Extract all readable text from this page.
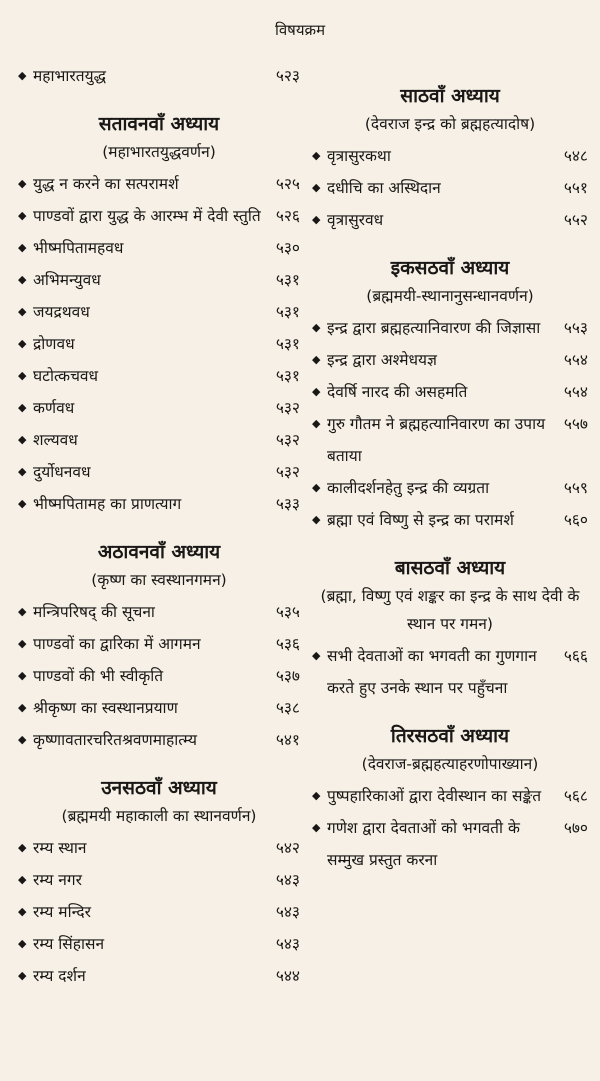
विषयक्रम
◆ महाभारतयुद्ध	५२३
सतावनवाँ अध्याय
(महाभारतयुद्धवर्णन)
◆ युद्ध न करने का सत्परामर्श	५२५
◆ पाण्डवों द्वारा युद्ध के आरम्भ में देवी स्तुति ५२६
◆ भीष्मपितामहवध	५३०
◆ अभिमन्युवध	५३१
◆ जयद्रथवध	५३१
◆ द्रोणवध	५३१
◆ घटोत्कचवध	५३१
◆ कर्णवध	५३२
◆ शल्यवध	५३२
◆ दुर्योधनवध	५३२
◆ भीष्मपितामह का प्राणत्याग	५३३
अठावनवाँ अध्याय
(कृष्ण का स्वस्थानगमन)
◆ मन्त्रिपरिषद् की सूचना	५३५
◆ पाण्डवों का द्वारिका में आगमन	५३६
◆ पाण्डवों की भी स्वीकृति	५३७
◆ श्रीकृष्ण का स्वस्थानप्रयाण	५३८
◆ कृष्णावतारचरितश्रवणमाहात्म्य	५४१
उनसठवाँ अध्याय
(ब्रह्ममयी महाकाली का स्थानवर्णन)
◆ रम्य स्थान	५४२
◆ रम्य नगर	५४३
◆ रम्य मन्दिर	५४३
◆ रम्य सिंहासन	५४३
◆ रम्य दर्शन	५४४
साठवाँ अध्याय
(देवराज इन्द्र को ब्रह्महत्यादोष)
◆ वृत्रासुरकथा	५४८
◆ दधीचि का अस्थिदान	५५१
◆ वृत्रासुरवध	५५२
इकसठवाँ अध्याय
(ब्रह्ममयी-स्थानानुसन्धानवर्णन)
◆ इन्द्र द्वारा ब्रह्महत्यानिवारण की जिज्ञासा	५५३
◆ इन्द्र द्वारा अश्मेधयज्ञ	५५४
◆ देवर्षि नारद की असहमति	५५४
◆ गुरु गौतम ने ब्रह्महत्यानिवारण का उपाय बताया
५५७
◆ कालीदर्शनहेतु इन्द्र की व्यग्रता	५५९
◆ ब्रह्मा एवं विष्णु से इन्द्र का परामर्श	५६०
बासठवाँ अध्याय
(ब्रह्मा, विष्णु एवं शङ्कर का इन्द्र के साथ देवी के स्थान पर गमन)
◆ सभी देवताओं का भगवती का गुणगान करते हुए उनके स्थान पर पहुँचना
५६६
तिरसठवाँ अध्याय
(देवराज-ब्रह्महत्याहरणोपाख्यान)
◆ पुष्पहारिकाओं द्वारा देवीस्थान का सङ्केत	५६८
◆ गणेश द्वारा देवताओं को भगवती के सम्मुख प्रस्तुत करना
५७०
